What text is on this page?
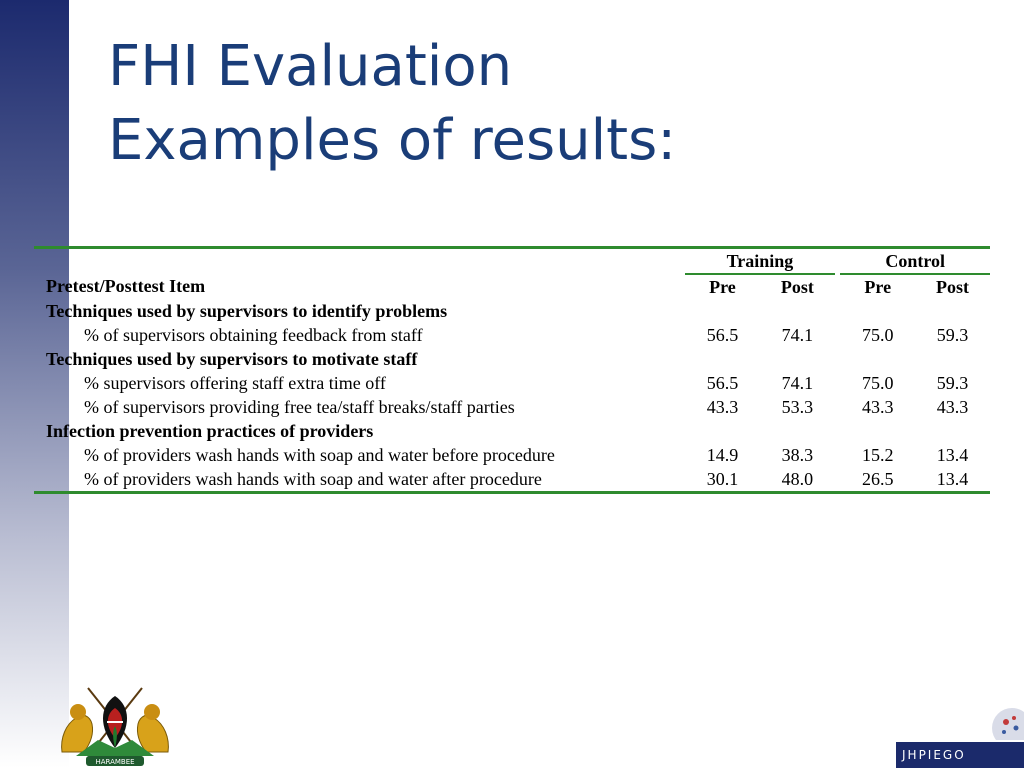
FHI Evaluation
Examples of results:
	Training			Control	
Pretest/Posttest Item	Pre	Post		Pre	Post
Techniques used by supervisors to identify problems					
% of supervisors obtaining feedback from staff	56.5	74.1		75.0	59.3
Techniques used by supervisors to motivate staff					
% supervisors offering staff extra time off	56.5	74.1		75.0	59.3
% of supervisors providing free tea/staff breaks/staff parties	43.3	53.3		43.3	43.3
Infection prevention practices of providers					
% of providers wash hands with soap and water before procedure	14.9	38.3		15.2	13.4
% of providers wash hands with soap and water after procedure	30.1	48.0		26.5	13.4
HARAMBEE	JHPIEGO
